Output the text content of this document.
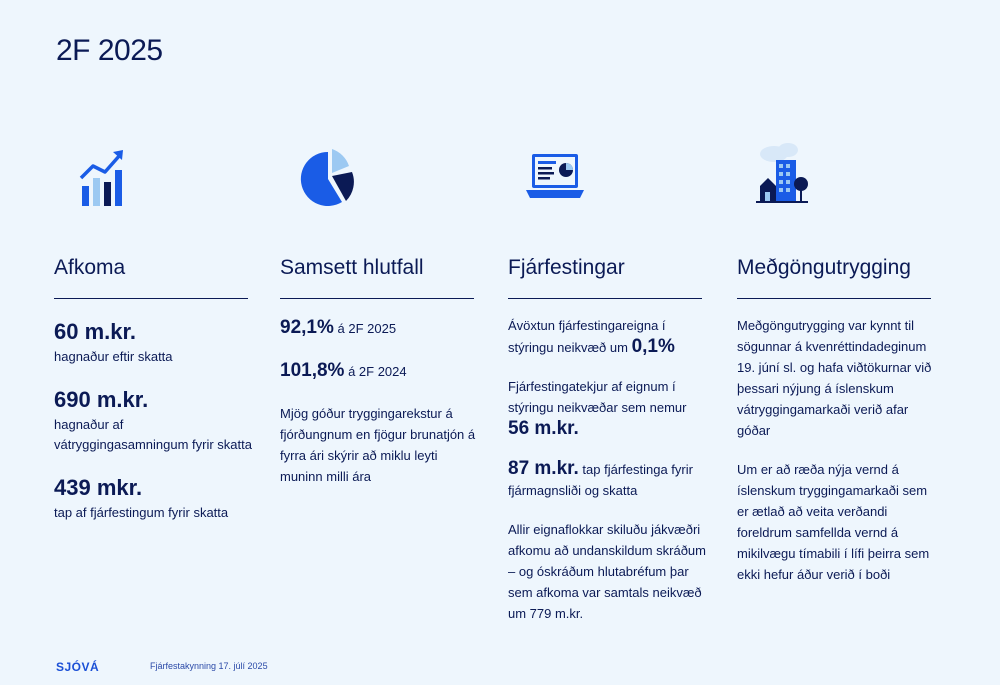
2F 2025
Afkoma
60 m.kr.
hagnaður eftir skatta
690 m.kr.
hagnaður af vátryggingasamningum fyrir skatta
439 mkr.
tap af fjárfestingum fyrir skatta
Samsett hlutfall
92,1% á 2F 2025
101,8% á 2F 2024

Mjög góður tryggingarekstur á fjórðungnum en fjögur brunatjón á fyrra ári skýrir að miklu leyti muninn milli ára

Fjárfestingar

Ávöxtun fjárfestingareigna í stýringu neikvæð um 0,1%

Fjárfestingatekjur af eignum í stýringu neikvæðar sem nemur
56 m.kr.

87 m.kr. tap fjárfestinga fyrir fjármagnsliði og skatta

Allir eignaflokkar skiluðu jákvæðri afkomu að undanskildum skráðum – og óskráðum hlutabréfum þar sem afkoma var samtals neikvæð um 779 m.kr.

Meðgöngutrygging

Meðgöngutrygging var kynnt til sögunnar á kvenréttindadeginum 19. júní sl. og hafa viðtökurnar við þessari nýjung á íslenskum vátryggingamarkaði verið afar góðar

Um er að ræða nýja vernd á íslenskum tryggingamarkaði sem er ætlað að veita verðandi foreldrum samfellda vernd á mikilvægu tímabili í lífi þeirra sem ekki hefur áður verið í boði

SJÓVÁ	Fjárfestakynning 17. júlí 2025
